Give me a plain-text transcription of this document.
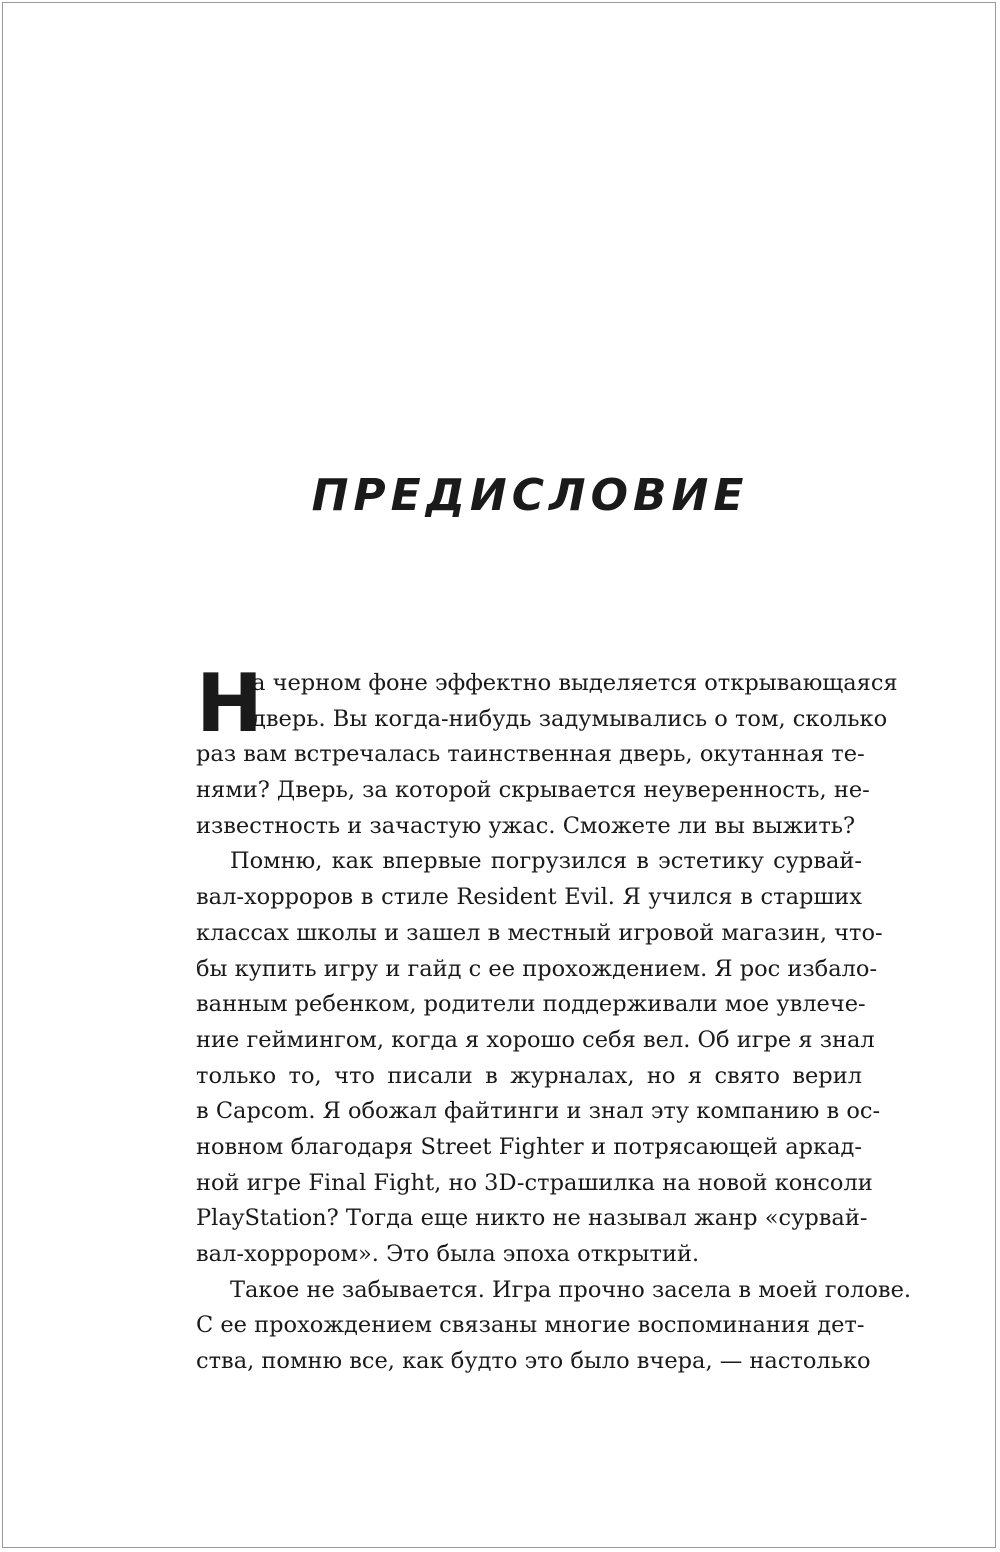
ПРЕДИСЛОВИЕ
Н
а черном фоне эффектно выделяется открывающаяся
дверь. Вы когда-нибудь задумывались о том, сколько
раз вам встречалась таинственная дверь, окутанная те-
нями? Дверь, за которой скрывается неуверенность, не-
известность и зачастую ужас. Сможете ли вы выжить?
Помню, как впервые погрузился в эстетику сурвай-
вал-хорроров в стиле Resident Evil. Я учился в старших
классах школы и зашел в местный игровой магазин, что-
бы купить игру и гайд с ее прохождением. Я рос избало-
ванным ребенком, родители поддерживали мое увлече-
ние геймингом, когда я хорошо себя вел. Об игре я знал
только то, что писали в журналах, но я свято верил
в Capcom. Я обожал файтинги и знал эту компанию в ос-
новном благодаря Street Fighter и потрясающей аркад-
ной игре Final Fight, но 3D-страшилка на новой консоли
PlayStation? Тогда еще никто не называл жанр «сурвай-
вал-хоррором». Это была эпоха открытий.
Такое не забывается. Игра прочно засела в моей голове.
С ее прохождением связаны многие воспоминания дет-
ства, помню все, как будто это было вчера, — настолько
